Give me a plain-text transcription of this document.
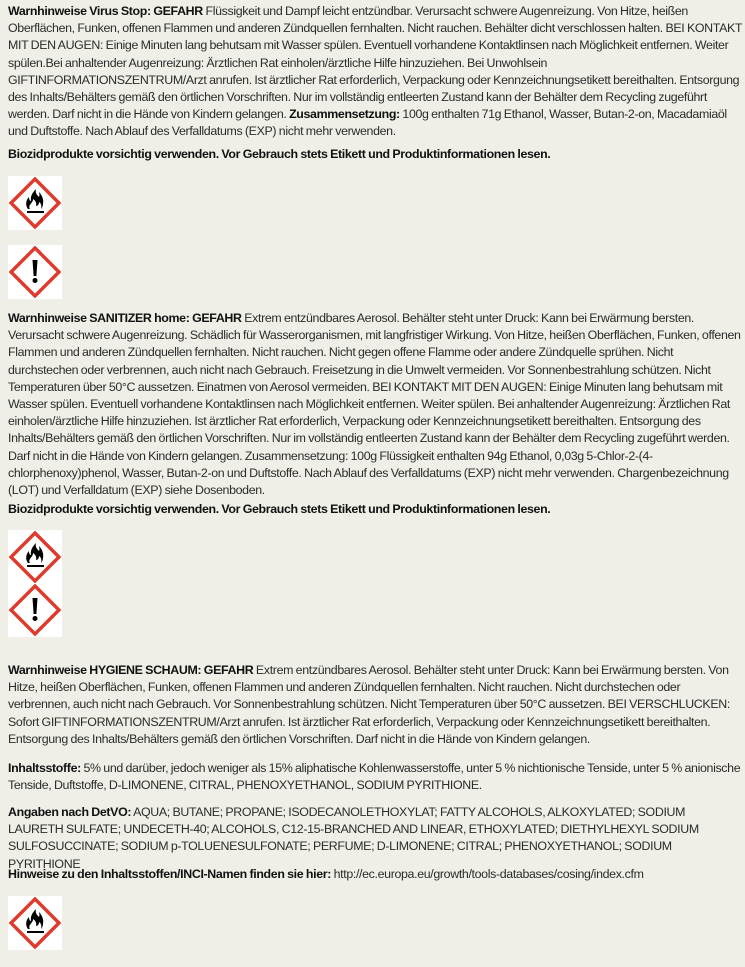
Warnhinweise Virus Stop: GEFAHR Flüssigkeit und Dampf leicht entzündbar. Verursacht schwere Augenreizung. Von Hitze, heißen Oberflächen, Funken, offenen Flammen und anderen Zündquellen fernhalten. Nicht rauchen. Behälter dicht verschlossen halten. BEI KONTAKT MIT DEN AUGEN: Einige Minuten lang behutsam mit Wasser spülen. Eventuell vorhandene Kontaktlinsen nach Möglichkeit entfernen. Weiter spülen.Bei anhaltender Augenreizung: Ärztlichen Rat einholen/ärztliche Hilfe hinzuziehen. Bei Unwohlsein GIFTINFORMATIONSZENTRUM/Arzt anrufen. Ist ärztlicher Rat erforderlich, Verpackung oder Kennzeichnungsetikett bereithalten. Entsorgung des Inhalts/Behälters gemäß den örtlichen Vorschriften. Nur im vollständig entleerten Zustand kann der Behälter dem Recycling zugeführt werden. Darf nicht in die Hände von Kindern gelangen. Zusammensetzung: 100g enthalten 71g Ethanol, Wasser, Butan-2-on, Macadamiaöl und Duftstoffe. Nach Ablauf des Verfalldatums (EXP) nicht mehr verwenden.

Biozidprodukte vorsichtig verwenden. Vor Gebrauch stets Etikett und Produktinformationen lesen.

Warnhinweise SANITIZER home: GEFAHR Extrem entzündbares Aerosol. Behälter steht unter Druck: Kann bei Erwärmung bersten. Verursacht schwere Augenreizung. Schädlich für Wasserorganismen, mit langfristiger Wirkung. Von Hitze, heißen Oberflächen, Funken, offenen Flammen und anderen Zündquellen fernhalten. Nicht rauchen. Nicht gegen offene Flamme oder andere Zündquelle sprühen. Nicht durchstechen oder verbrennen, auch nicht nach Gebrauch. Freisetzung in die Umwelt vermeiden. Vor Sonnenbestrahlung schützen. Nicht Temperaturen über 50°C aussetzen. Einatmen von Aerosol vermeiden. BEI KONTAKT MIT DEN AUGEN: Einige Minuten lang behutsam mit Wasser spülen. Eventuell vorhandene Kontaktlinsen nach Möglichkeit entfernen. Weiter spülen. Bei anhaltender Augenreizung: Ärztlichen Rat einholen/ärztliche Hilfe hinzuziehen. Ist ärztlicher Rat erforderlich, Verpackung oder Kennzeichnungsetikett bereithalten. Entsorgung des Inhalts/Behälters gemäß den örtlichen Vorschriften. Nur im vollständig entleerten Zustand kann der Behälter dem Recycling zugeführt werden. Darf nicht in die Hände von Kindern gelangen. Zusammensetzung: 100g Flüssigkeit enthalten 94g Ethanol, 0,03g 5-Chlor-2-(4-chlorphenoxy)phenol, Wasser, Butan-2-on und Duftstoffe. Nach Ablauf des Verfalldatums (EXP) nicht mehr verwenden. Chargenbezeichnung (LOT) und Verfalldatum (EXP) siehe Dosenboden.

Biozidprodukte vorsichtig verwenden. Vor Gebrauch stets Etikett und Produktinformationen lesen.

Warnhinweise HYGIENE SCHAUM: GEFAHR Extrem entzündbares Aerosol. Behälter steht unter Druck: Kann bei Erwärmung bersten. Von Hitze, heißen Oberflächen, Funken, offenen Flammen und anderen Zündquellen fernhalten. Nicht rauchen. Nicht durchstechen oder verbrennen, auch nicht nach Gebrauch. Vor Sonnenbestrahlung schützen. Nicht Temperaturen über 50°C aussetzen. BEI VERSCHLUCKEN: Sofort GIFTINFORMATIONSZENTRUM/Arzt anrufen. Ist ärztlicher Rat erforderlich, Verpackung oder Kennzeichnungsetikett bereithalten. Entsorgung des Inhalts/Behälters gemäß den örtlichen Vorschriften. Darf nicht in die Hände von Kindern gelangen.

Inhaltsstoffe: 5% und darüber, jedoch weniger als 15% aliphatische Kohlenwasserstoffe, unter 5 % nichtionische Tenside, unter 5 % anionische Tenside, Duftstoffe, D-LIMONENE, CITRAL, PHENOXYETHANOL, SODIUM PYRITHIONE.

Angaben nach DetVO: AQUA; BUTANE; PROPANE; ISODECANOLETHOXYLAT; FATTY ALCOHOLS, ALKOXYLATED; SODIUM LAURETH SULFATE; UNDECETH-40; ALCOHOLS, C12-15-BRANCHED AND LINEAR, ETHOXYLATED; DIETHYLHEXYL SODIUM SULFOSUCCINATE; SODIUM p-TOLUENESULFONATE; PERFUME; D-LIMONENE; CITRAL; PHENOXYETHANOL; SODIUM PYRITHIONE

Hinweise zu den Inhaltsstoffen/INCI-Namen finden sie hier: http://ec.europa.eu/growth/tools-databases/cosing/index.cfm
